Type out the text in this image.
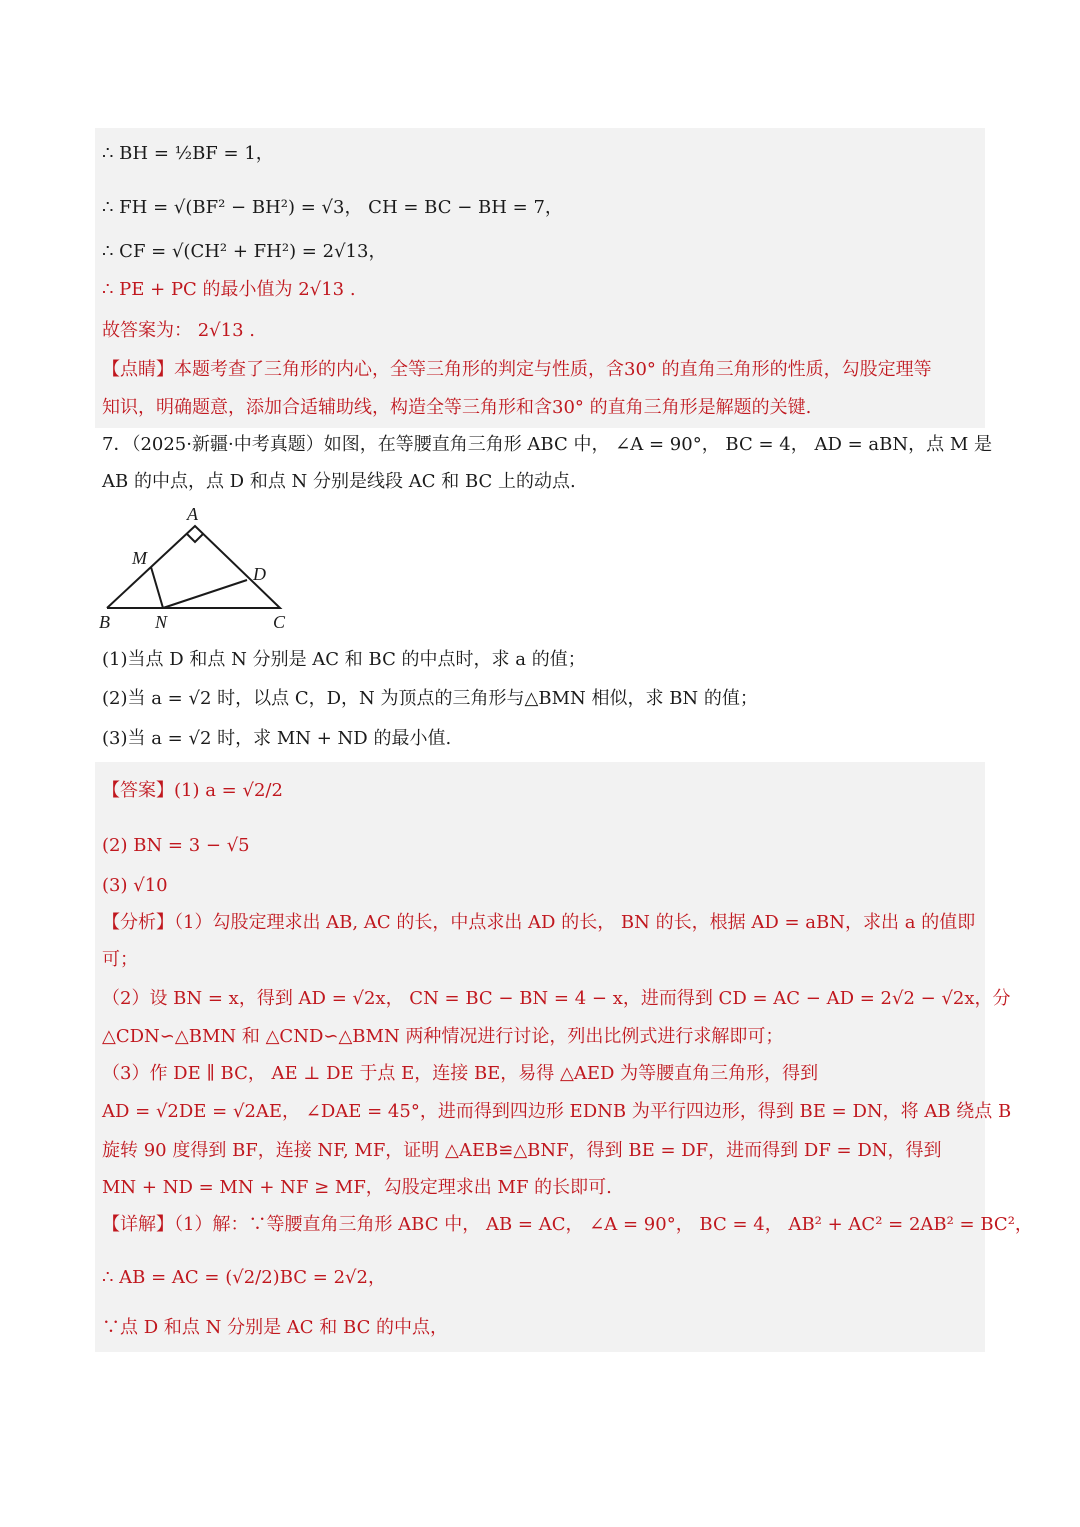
∴ BH = ½BF = 1，
∴ FH = √(BF² − BH²) = √3， CH = BC − BH = 7，
∴ CF = √(CH² + FH²) = 2√13，
∴ PE + PC 的最小值为 2√13 .
故答案为： 2√13 .
【点睛】本题考查了三角形的内心，全等三角形的判定与性质，含30° 的直角三角形的性质，勾股定理等
知识，明确题意，添加合适辅助线，构造全等三角形和含30° 的直角三角形是解题的关键.
7．（2025·新疆·中考真题）如图，在等腰直角三角形 ABC 中， ∠A = 90°， BC = 4， AD = aBN，点 M 是
AB 的中点，点 D 和点 N 分别是线段 AC 和 BC 上的动点.
A
M
D
B	N	C
(1)当点 D 和点 N 分别是 AC 和 BC 的中点时，求 a 的值；
(2)当 a = √2 时，以点 C，D，N 为顶点的三角形与△BMN 相似，求 BN 的值；
(3)当 a = √2 时，求 MN + ND 的最小值.
【答案】(1) a = √2/2
(2) BN = 3 − √5
(3) √10
【分析】（1）勾股定理求出 AB, AC 的长，中点求出 AD 的长， BN 的长，根据 AD = aBN，求出 a 的值即
可；
（2）设 BN = x，得到 AD = √2x， CN = BC − BN = 4 − x，进而得到 CD = AC − AD = 2√2 − √2x，分
△CDN∽△BMN 和 △CND∽△BMN 两种情况进行讨论，列出比例式进行求解即可；
（3）作 DE ∥ BC， AE ⊥ DE 于点 E，连接 BE，易得 △AED 为等腰直角三角形，得到
AD = √2DE = √2AE， ∠DAE = 45°，进而得到四边形 EDNB 为平行四边形，得到 BE = DN，将 AB 绕点 B
旋转 90 度得到 BF，连接 NF, MF，证明 △AEB≌△BNF，得到 BE = DF，进而得到 DF = DN，得到
MN + ND = MN + NF ≥ MF，勾股定理求出 MF 的长即可.
【详解】（1）解：∵等腰直角三角形 ABC 中， AB = AC， ∠A = 90°， BC = 4， AB² + AC² = 2AB² = BC²，
∴ AB = AC = (√2/2)BC = 2√2，
∵点 D 和点 N 分别是 AC 和 BC 的中点，
